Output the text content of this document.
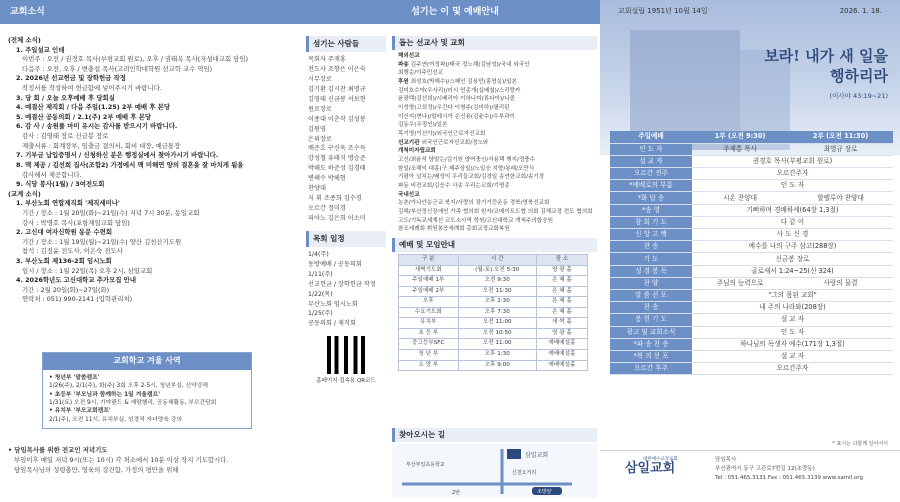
교회소식
(전체 소식)
1. 주일설교 인데
이번주 : 오전 / 권경호 목사(부평교회 원로), 오후 / 권태옥 목사(자성대교회 담임)
다음주 : 오전, 오후 / 변충섭 목사(고려인학대학원 선교학 교수 역임)
2. 2026년 선교헌금 및 장학헌금 작정
작정서를 작성하여 헌금함에 넣어주시기 바랍니다.
3. 당 회 / 오늘 오후예배 후 당회실
4. 예결산 제직회 / 다음 주일(1.25) 2부 예배 후 본당
5. 예결산 공동의회 / 2.1(주) 2부 예배 후 본당
6. 감 사 / 송원률 마미 유시는 감사를 받으시기 바랍니다.
감사 : 김영태 장로 신금봉 장로
제출서류 : 회계장부, 임출금 결의서, 회비 대장, 예금통장
7. 기부금 납입증명서 / 신청하신 분은 행정실에서 찾아가시기 바랍니다.
8. 맥 제공 / 김선희 집사(조합2) 가정에서 맥 미해연 양의 결혼을 잘 마치게 됨을
감사해서 제공합니다.
9. 식당 봉사(1월) / 3여전도회
(교계 소식)
1. 부산노회 연합제직회 '제직세미나'
기간 / 장소 : 1월 20일(화)~21일(수) 저녁 7시 30분, 동일교회
강사 : 박명호 목사(포항제일교회 담임)
2. 고신대 여자신학원 동문 수련회
기간 / 장소 : 1월 19일(월)~21일(수) 양산 김천산기도원
참석 : 김정윤 전도사, 이은숙 전도사
3. 부산노회 제136-2회 임시노회
일시 / 장소 : 1월 22일(목) 오후 2시, 삼일교회
4. 2026학년도 고신대학교 추가모집 안내
기간 : 2월 20일(화)~27일(화)
연락처 : 051) 990-2141 (입학관리처)
교회학교 겨울 사역
• 청년부 '말씀캠프'
1/26(주), 2/1(주), 화(주) 3회 오후 2-5시, 청년부실, 신약강해
• 초등부 '부모님과 함께하는 1일 겨울캠프'
1/31(토) 오전 9시, 가야랜드 & 예람헬리, 공동체활동, 부모간담회
• 유치부 '부모교회캠프'
2/1(주), 오전 11시, 유치부실, 성경적 자녀양육 강의
• 담임목사를 위한 전교인 저녁기도
부임이후 매일 저녁 9시(또는 10시) 각 처소에서 10분 이상 작지 기도합시다.
담임목사님의 성령충만, 영육의 강건함, 가정의 평안을 위해
섬기는 이 및 예배안내
섬기는 사람들
목회자 주재홍
전도사 조향은 이은숙
시무장로
김기환 김시찬 최명규
김영태 신금봉 서보현
원로장로
이종대 이춘작 김성봉
김원영
은퇴장로
배준호 구신욱 조수득
강성철 유태식 명승준
박해도 하준성 김경태
변해수 박해현
찬양대
지 휘 조종희 김수경
오르간 정미경
피아노 김은희 이소미
목회 일정
1/4(주)
동방예배 / 공동의회
1/11(주)
선교헌금 / 장학헌금 작정
1/22(목)
부산노회 임시노회
1/25(주)
공동의회 / 제직회
홈페이지 접속용 QR코드
돕는 선교사 및 교회
해외선교
파송 김주연(여정파)/태국 정노해(김남성)/국내 외국인
최행순/이주민선교
후원 최성호(박해수)/스페인 김용민(홍영실)/일본
김미호수야(우사리)/러시 민종개(실배첩)/스리랑카
윤광택(김선희)/시베리아 이하나미(류다아)/니콜
이성형(고희정)/우간다 이형주(김미하)/필리핀
이산지(현나)/말레시아 손신용(김윤수)/우루과이
김동우(우정인)/일본
목기영(이선아)/외국인근로자선교회
선교기관 외국인근로자선교회/정노와
개척미자립교회
고신/최윤석 양말는/김기원 양여충신/서용택 행지/정충수
함일/조해익 대홍(구.제주상일)/노일승 지향/봉래/오만식
기평아 넘치는/배성익 우리들교회/김경일 송연한교회/송기경
파동 비전교회/김응수 사송 우리는교회/기명종
국내선교
농촌/가나안농군교 북지/사랑의 장기기증운동 경북/영북선교회
김해/부산정신장애인 가족 협의회 원자/코메이트도협 의회 김해교정 전도 협의회
고도/기독교세계선 교도소사역 학원/고신대학교 개척주의합숭원
참조세례회 휘원봉응세례회 총회교정교회복원
예배 및 모임안내
구 분	시 간	장 소
새벽기도회	(월-토) 오전 5:30	영 광 홀
주일예배 1부	오전 9:30	은 혜 홀
주일예배 2부	오전 11:30	은 혜 홀
오후	오후 2:30	은 혜 홀
수요기도회	오후 7:30	은 혜 홀
유치부	오전 11:00	새 싹 홀
초 등 부	오전 10:50	영 광 홀
중고등부SFC	오전 11:00	예배예설홀
청 년 부	오후 1:30	예배예설홀
소 망 부	오후 9:00	예배예설홀
찾아오시는 길
삼일교회
부산부일초등학교
신천오거리
조방앞
2번
교회설립 1951년 10월 14일	2026. 1. 18.
보라! 내가 새 일을
행하리라
(이사야 43:19~21)
주일예배	1부 (오전 9:30)	2부 (오전 11:30)
인 도 자	주재홍 목사	최영규 장로
설 교 자	권경호 목사(부평교회 원로)	
오르간 전주	오르간주자	
*예배로의 부름	인 도 자	
*화 답 송	시온 찬양대	할렐루야 찬양대
*송 영	기뻐하며 경배하세(64장 1,3절)	
참 회 기 도	다 같 이	
신 앙 고 백	사 도 신 경	
찬 송	예수를 나의 구주 삼고(288장)	
기 도	신금봉 장로	
성 경 봉 독	골로새서 1:24~25(신 324)	
찬 양	주님의 능력으로	사랑의 물결
말 씀 선 포	"그의 몸된 교회"	
찬 송	내 주의 나라와(208장)	
봉 헌 기 도	설 교 자	
광고 및 교회소식	인 도 자	
*파 송 찬 송	하나님의 독생자 예수(171장 1,3절)	
*복 의 선 포	설 교 자	
오르간 후주	오르간주자	
* 표시는 다함께 일어서서
대한예수교장로회
삼일교회
담임목사
부산광역시 동구 고관로7번길 12(초량동)
Tel : 051.465.3131 Fax : 051.465.3139 www.samil.org
